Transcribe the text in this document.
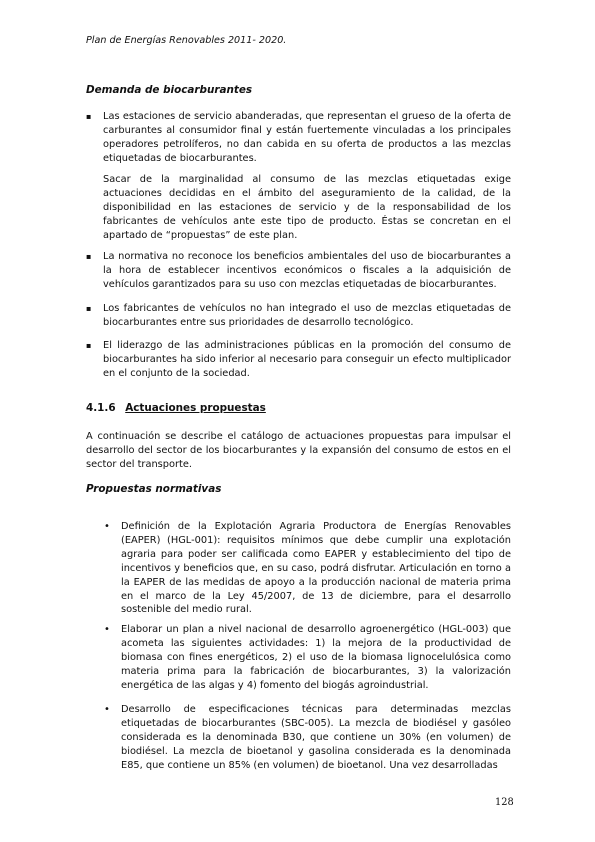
Plan de Energías Renovables 2011- 2020.
Demanda de biocarburantes
▪ Las estaciones de servicio abanderadas, que representan el grueso de la oferta de carburantes al consumidor final y están fuertemente vinculadas a los principales operadores petrolíferos, no dan cabida en su oferta de productos a las mezclas etiquetadas de biocarburantes.
Sacar de la marginalidad al consumo de las mezclas etiquetadas exige actuaciones decididas en el ámbito del aseguramiento de la calidad, de la disponibilidad en las estaciones de servicio y de la responsabilidad de los fabricantes de vehículos ante este tipo de producto. Éstas se concretan en el apartado de “propuestas” de este plan.
▪ La normativa no reconoce los beneficios ambientales del uso de biocarburantes a la hora de establecer incentivos económicos o fiscales a la adquisición de vehículos garantizados para su uso con mezclas etiquetadas de biocarburantes.
▪ Los fabricantes de vehículos no han integrado el uso de mezclas etiquetadas de biocarburantes entre sus prioridades de desarrollo tecnológico.
▪ El liderazgo de las administraciones públicas en la promoción del consumo de biocarburantes ha sido inferior al necesario para conseguir un efecto multiplicador en el conjunto de la sociedad.
4.1.6 Actuaciones propuestas
A continuación se describe el catálogo de actuaciones propuestas para impulsar el desarrollo del sector de los biocarburantes y la expansión del consumo de estos en el sector del transporte.
Propuestas normativas
• Definición de la Explotación Agraria Productora de Energías Renovables (EAPER) (HGL-001): requisitos mínimos que debe cumplir una explotación agraria para poder ser calificada como EAPER y establecimiento del tipo de incentivos y beneficios que, en su caso, podrá disfrutar. Articulación en torno a la EAPER de las medidas de apoyo a la producción nacional de materia prima en el marco de la Ley 45/2007, de 13 de diciembre, para el desarrollo sostenible del medio rural.
• Elaborar un plan a nivel nacional de desarrollo agroenergético (HGL-003) que acometa las siguientes actividades: 1) la mejora de la productividad de biomasa con fines energéticos, 2) el uso de la biomasa lignocelulósica como materia prima para la fabricación de biocarburantes, 3) la valorización energética de las algas y 4) fomento del biogás agroindustrial.
• Desarrollo de especificaciones técnicas para determinadas mezclas etiquetadas de biocarburantes (SBC-005). La mezcla de biodiésel y gasóleo considerada es la denominada B30, que contiene un 30% (en volumen) de biodiésel. La mezcla de bioetanol y gasolina considerada es la denominada E85, que contiene un 85% (en volumen) de bioetanol. Una vez desarrolladas
128
